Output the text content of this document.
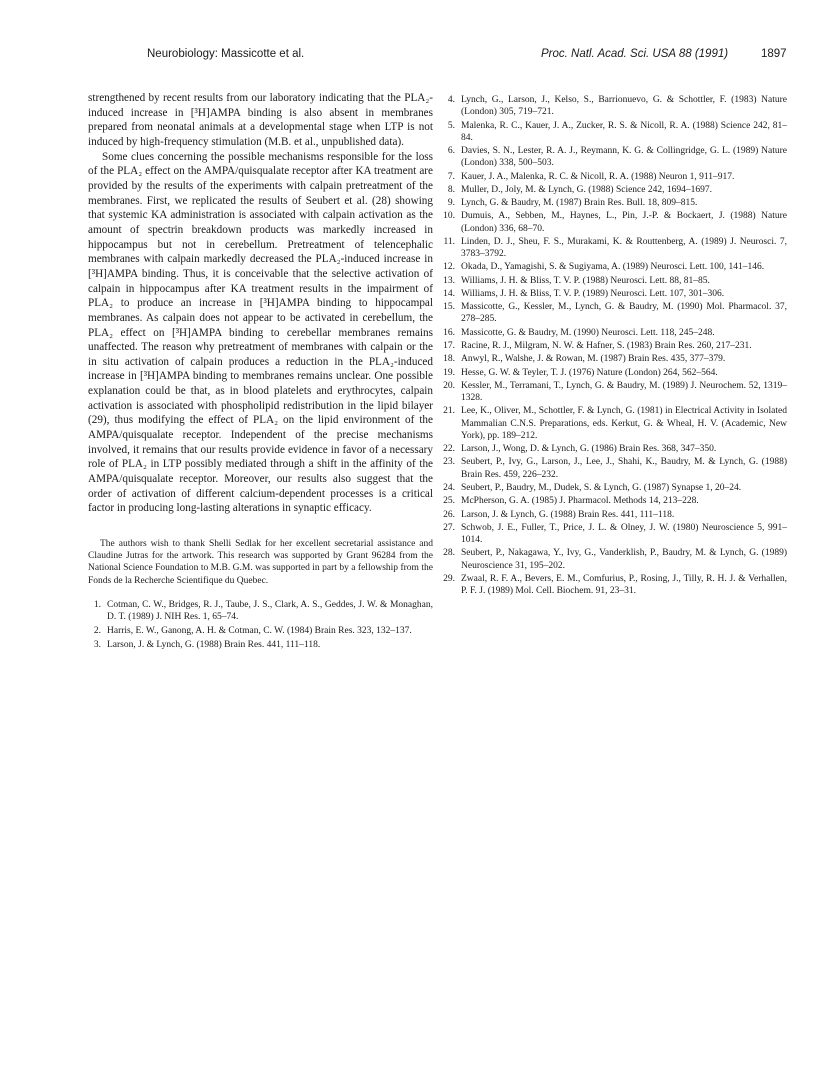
Neurobiology: Massicotte et al.	Proc. Natl. Acad. Sci. USA 88 (1991)	1897

strengthened by recent results from our laboratory indicating that the PLA₂-induced increase in [³H]AMPA binding is also absent in membranes prepared from neonatal animals at a developmental stage when LTP is not induced by high-frequency stimulation (M.B. et al., unpublished data).

Some clues concerning the possible mechanisms responsible for the loss of the PLA₂ effect on the AMPA/quisqualate receptor after KA treatment are provided by the results of the experiments with calpain pretreatment of the membranes. First, we replicated the results of Seubert et al. (28) showing that systemic KA administration is associated with calpain activation as the amount of spectrin breakdown products was markedly increased in hippocampus but not in cerebellum. Pretreatment of telencephalic membranes with calpain markedly decreased the PLA₂-induced increase in [³H]AMPA binding. Thus, it is conceivable that the selective activation of calpain in hippocampus after KA treatment results in the impairment of PLA₂ to produce an increase in [³H]AMPA binding to hippocampal membranes. As calpain does not appear to be activated in cerebellum, the PLA₂ effect on [³H]AMPA binding to cerebellar membranes remains unaffected. The reason why pretreatment of membranes with calpain or the in situ activation of calpain produces a reduction in the PLA₂-induced increase in [³H]AMPA binding to membranes remains unclear. One possible explanation could be that, as in blood platelets and erythrocytes, calpain activation is associated with phospholipid redistribution in the lipid bilayer (29), thus modifying the effect of PLA₂ on the lipid environment of the AMPA/quisqualate receptor. Independent of the precise mechanisms involved, it remains that our results provide evidence in favor of a necessary role of PLA₂ in LTP possibly mediated through a shift in the affinity of the AMPA/quisqualate receptor. Moreover, our results also suggest that the order of activation of different calcium-dependent processes is a critical factor in producing long-lasting alterations in synaptic efficacy.

The authors wish to thank Shelli Sedlak for her excellent secretarial assistance and Claudine Jutras for the artwork. This research was supported by Grant 96284 from the National Science Foundation to M.B. G.M. was supported in part by a fellowship from the Fonds de la Recherche Scientifique du Quebec.

1. Cotman, C. W., Bridges, R. J., Taube, J. S., Clark, A. S., Geddes, J. W. & Monaghan, D. T. (1989) J. NIH Res. 1, 65–74.
2. Harris, E. W., Ganong, A. H. & Cotman, C. W. (1984) Brain Res. 323, 132–137.
3. Larson, J. & Lynch, G. (1988) Brain Res. 441, 111–118.
4. Lynch, G., Larson, J., Kelso, S., Barrionuevo, G. & Schottler, F. (1983) Nature (London) 305, 719–721.
5. Malenka, R. C., Kauer, J. A., Zucker, R. S. & Nicoll, R. A. (1988) Science 242, 81–84.
6. Davies, S. N., Lester, R. A. J., Reymann, K. G. & Collingridge, G. L. (1989) Nature (London) 338, 500–503.
7. Kauer, J. A., Malenka, R. C. & Nicoll, R. A. (1988) Neuron 1, 911–917.
8. Muller, D., Joly, M. & Lynch, G. (1988) Science 242, 1694–1697.
9. Lynch, G. & Baudry, M. (1987) Brain Res. Bull. 18, 809–815.
10. Dumuis, A., Sebben, M., Haynes, L., Pin, J.-P. & Bockaert, J. (1988) Nature (London) 336, 68–70.
11. Linden, D. J., Sheu, F. S., Murakami, K. & Routtenberg, A. (1989) J. Neurosci. 7, 3783–3792.
12. Okada, D., Yamagishi, S. & Sugiyama, A. (1989) Neurosci. Lett. 100, 141–146.
13. Williams, J. H. & Bliss, T. V. P. (1988) Neurosci. Lett. 88, 81–85.
14. Williams, J. H. & Bliss, T. V. P. (1989) Neurosci. Lett. 107, 301–306.
15. Massicotte, G., Kessler, M., Lynch, G. & Baudry, M. (1990) Mol. Pharmacol. 37, 278–285.
16. Massicotte, G. & Baudry, M. (1990) Neurosci. Lett. 118, 245–248.
17. Racine, R. J., Milgram, N. W. & Hafner, S. (1983) Brain Res. 260, 217–231.
18. Anwyl, R., Walshe, J. & Rowan, M. (1987) Brain Res. 435, 377–379.
19. Hesse, G. W. & Teyler, T. J. (1976) Nature (London) 264, 562–564.
20. Kessler, M., Terramani, T., Lynch, G. & Baudry, M. (1989) J. Neurochem. 52, 1319–1328.
21. Lee, K., Oliver, M., Schottler, F. & Lynch, G. (1981) in Electrical Activity in Isolated Mammalian C.N.S. Preparations, eds. Kerkut, G. & Wheal, H. V. (Academic, New York), pp. 189–212.
22. Larson, J., Wong, D. & Lynch, G. (1986) Brain Res. 368, 347–350.
23. Seubert, P., Ivy, G., Larson, J., Lee, J., Shahi, K., Baudry, M. & Lynch, G. (1988) Brain Res. 459, 226–232.
24. Seubert, P., Baudry, M., Dudek, S. & Lynch, G. (1987) Synapse 1, 20–24.
25. McPherson, G. A. (1985) J. Pharmacol. Methods 14, 213–228.
26. Larson, J. & Lynch, G. (1988) Brain Res. 441, 111–118.
27. Schwob, J. E., Fuller, T., Price, J. L. & Olney, J. W. (1980) Neuroscience 5, 991–1014.
28. Seubert, P., Nakagawa, Y., Ivy, G., Vanderklish, P., Baudry, M. & Lynch, G. (1989) Neuroscience 31, 195–202.
29. Zwaal, R. F. A., Bevers, E. M., Comfurius, P., Rosing, J., Tilly, R. H. J. & Verhallen, P. F. J. (1989) Mol. Cell. Biochem. 91, 23–31.
